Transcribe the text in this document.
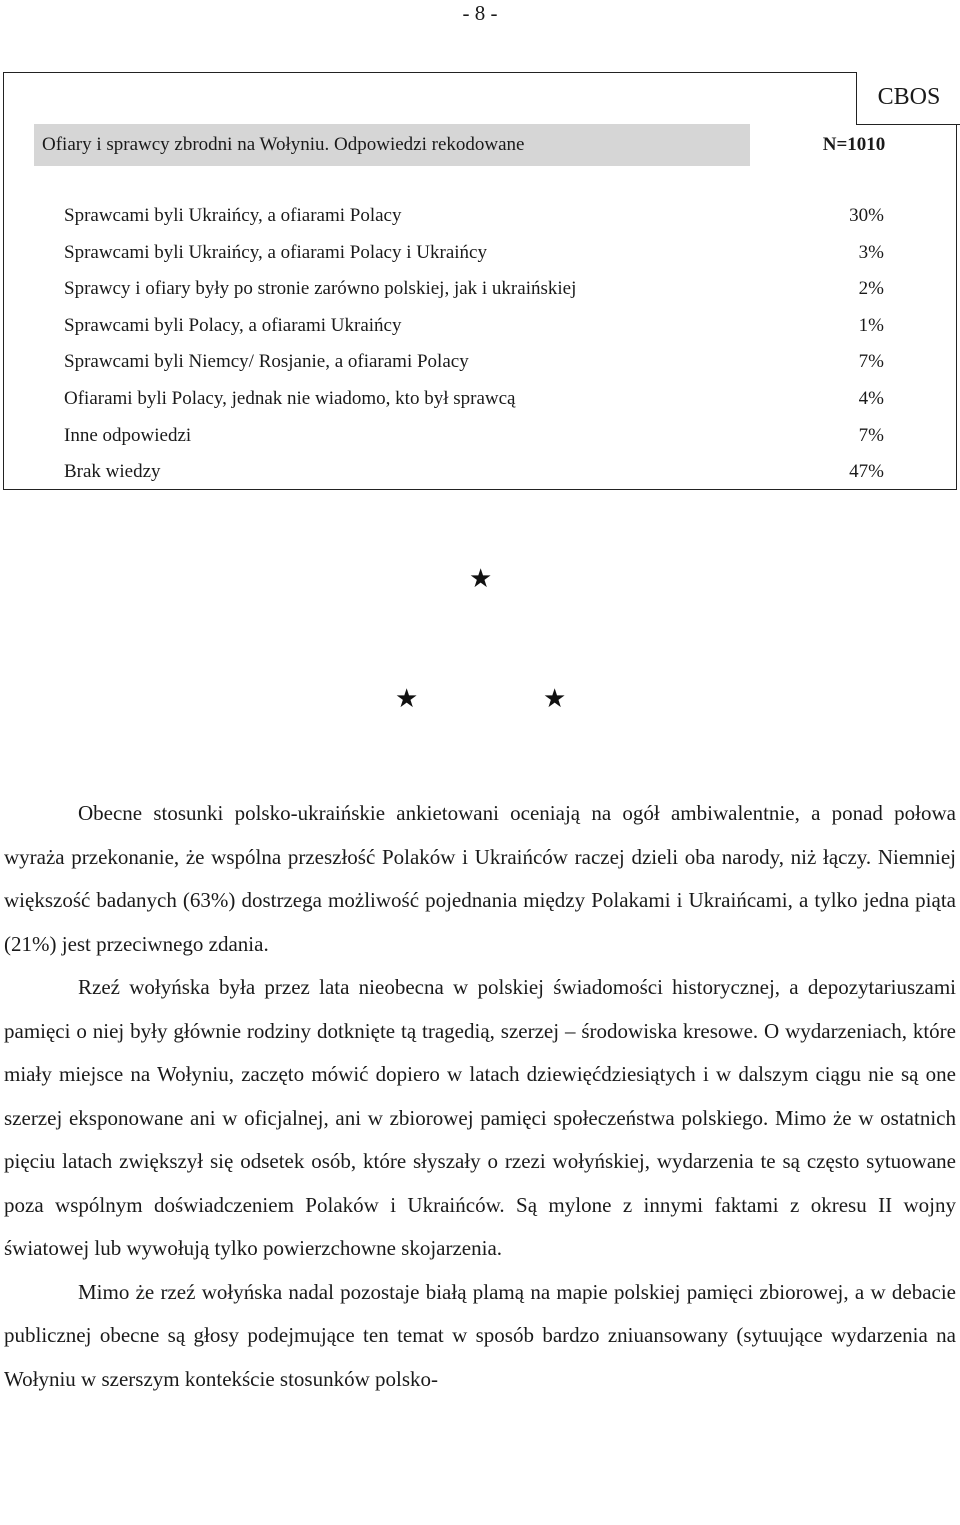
- 8 -
CBOS
Ofiary i sprawcy zbrodni na Wołyniu. Odpowiedzi rekodowane	N=1010
Sprawcami byli Ukraińcy, a ofiarami Polacy	30%
Sprawcami byli Ukraińcy, a ofiarami Polacy i Ukraińcy	3%
Sprawcy i ofiary były po stronie zarówno polskiej, jak i ukraińskiej	2%
Sprawcami byli Polacy, a ofiarami Ukraińcy	1%
Sprawcami byli Niemcy/ Rosjanie, a ofiarami Polacy	7%
Ofiarami byli Polacy, jednak nie wiadomo, kto był sprawcą	4%
Inne odpowiedzi	7%
Brak wiedzy	47%
★
★	★

Obecne stosunki polsko-ukraińskie ankietowani oceniają na ogół ambiwalentnie, a ponad połowa wyraża przekonanie, że wspólna przeszłość Polaków i Ukraińców raczej dzieli oba narody, niż łączy. Niemniej większość badanych (63%) dostrzega możliwość pojednania między Polakami i Ukraińcami, a tylko jedna piąta (21%) jest przeciwnego zdania.

Rzeź wołyńska była przez lata nieobecna w polskiej świadomości historycznej, a depozytariuszami pamięci o niej były głównie rodziny dotknięte tą tragedią, szerzej – środowiska kresowe. O wydarzeniach, które miały miejsce na Wołyniu, zaczęto mówić dopiero w latach dziewięćdziesiątych i w dalszym ciągu nie są one szerzej eksponowane ani w oficjalnej, ani w zbiorowej pamięci społeczeństwa polskiego. Mimo że w ostatnich pięciu latach zwiększył się odsetek osób, które słyszały o rzezi wołyńskiej, wydarzenia te są często sytuowane poza wspólnym doświadczeniem Polaków i Ukraińców. Są mylone z innymi faktami z okresu II wojny światowej lub wywołują tylko powierzchowne skojarzenia.

Mimo że rzeź wołyńska nadal pozostaje białą plamą na mapie polskiej pamięci zbiorowej, a w debacie publicznej obecne są głosy podejmujące ten temat w sposób bardzo zniuansowany (sytuujące wydarzenia na Wołyniu w szerszym kontekście stosunków polsko-
